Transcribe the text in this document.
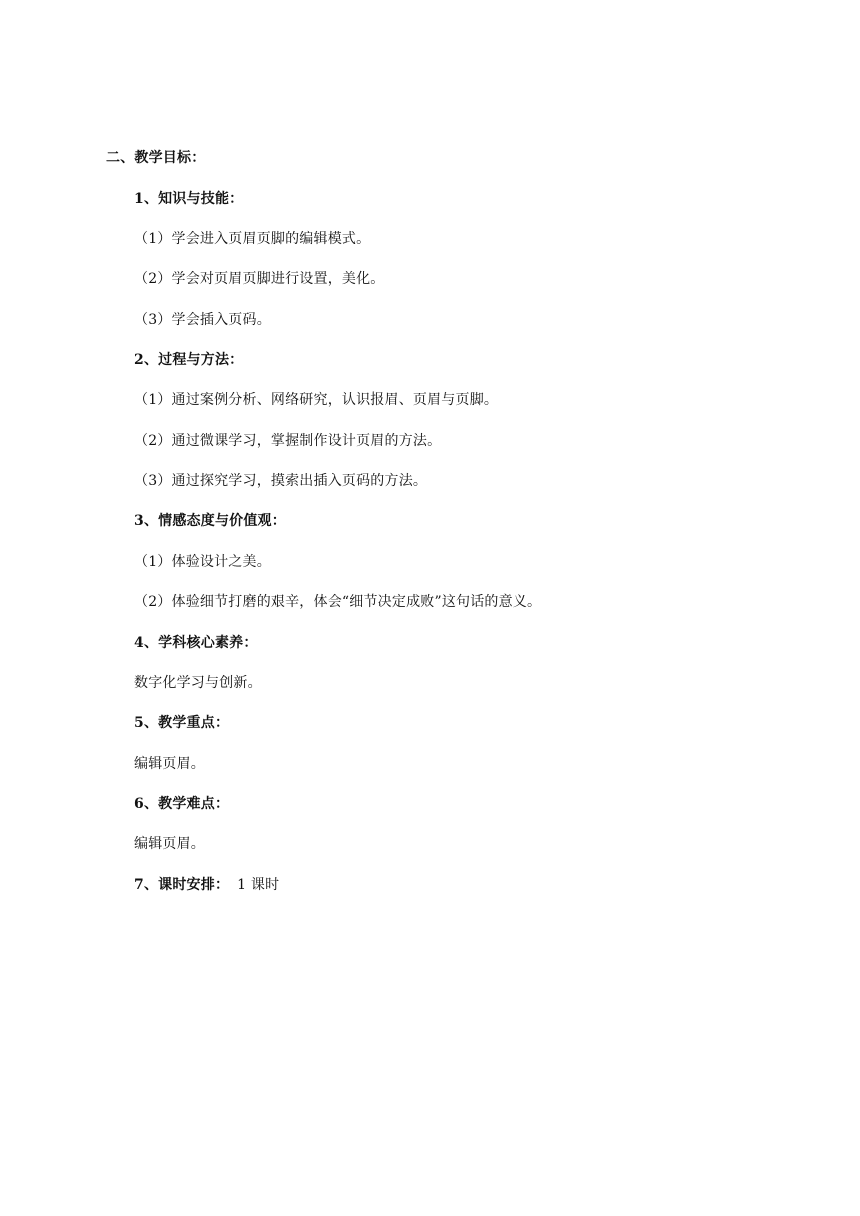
二、教学目标：
1、知识与技能：
（1）学会进入页眉页脚的编辑模式。
（2）学会对页眉页脚进行设置，美化。
（3）学会插入页码。
2、过程与方法：
（1）通过案例分析、网络研究，认识报眉、页眉与页脚。
（2）通过微课学习，掌握制作设计页眉的方法。
（3）通过探究学习，摸索出插入页码的方法。
3、情感态度与价值观：
（1）体验设计之美。
（2）体验细节打磨的艰辛，体会“细节决定成败”这句话的意义。
4、学科核心素养：
数字化学习与创新。
5、教学重点：
编辑页眉。
6、教学难点：
编辑页眉。
7、课时安排： 1 课时
